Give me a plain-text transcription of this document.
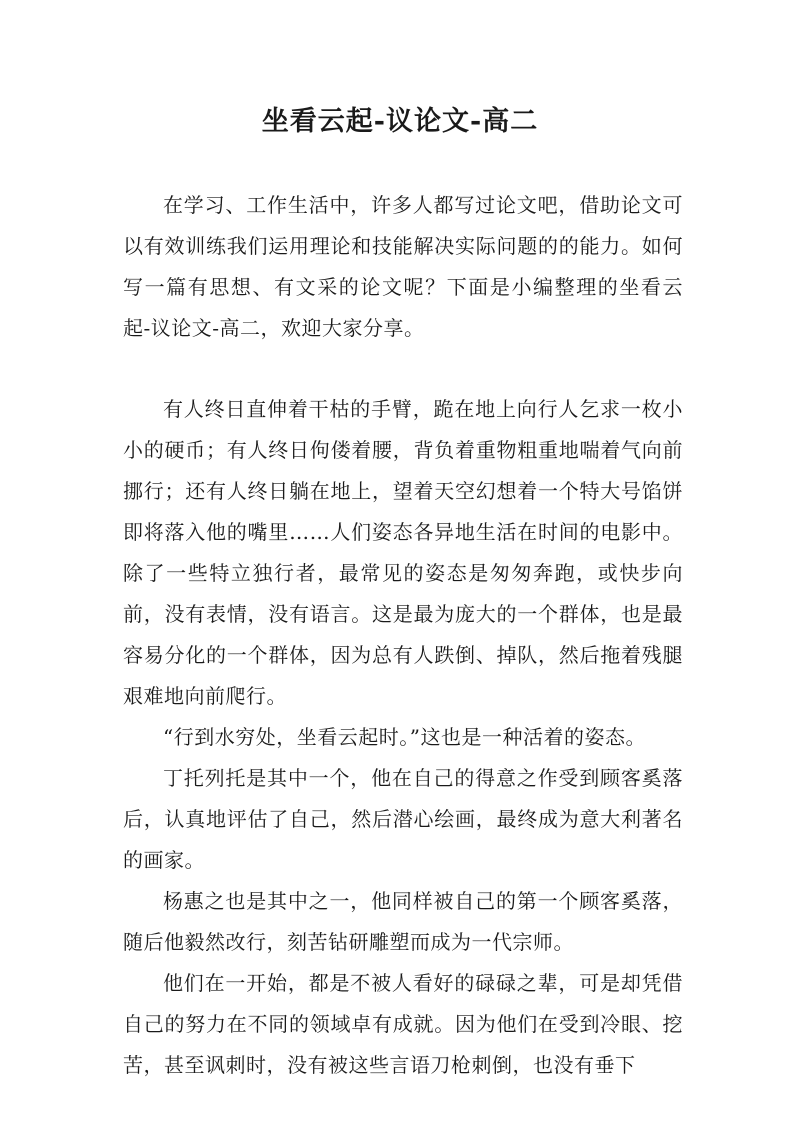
坐看云起-议论文-高二

在学习、工作生活中，许多人都写过论文吧，借助论文可以有效训练我们运用理论和技能解决实际问题的的能力。如何写一篇有思想、有文采的论文呢？下面是小编整理的坐看云起-议论文-高二，欢迎大家分享。

有人终日直伸着干枯的手臂，跪在地上向行人乞求一枚小小的硬币；有人终日佝偻着腰，背负着重物粗重地喘着气向前挪行；还有人终日躺在地上，望着天空幻想着一个特大号馅饼即将落入他的嘴里……人们姿态各异地生活在时间的电影中。除了一些特立独行者，最常见的姿态是匆匆奔跑，或快步向前，没有表情，没有语言。这是最为庞大的一个群体，也是最容易分化的一个群体，因为总有人跌倒、掉队，然后拖着残腿艰难地向前爬行。

“行到水穷处，坐看云起时。”这也是一种活着的姿态。

丁托列托是其中一个，他在自己的得意之作受到顾客奚落后，认真地评估了自己，然后潜心绘画，最终成为意大利著名的画家。

杨惠之也是其中之一，他同样被自己的第一个顾客奚落，随后他毅然改行，刻苦钻研雕塑而成为一代宗师。

他们在一开始，都是不被人看好的碌碌之辈，可是却凭借自己的努力在不同的领域卓有成就。因为他们在受到冷眼、挖苦，甚至讽刺时，没有被这些言语刀枪刺倒，也没有垂下
